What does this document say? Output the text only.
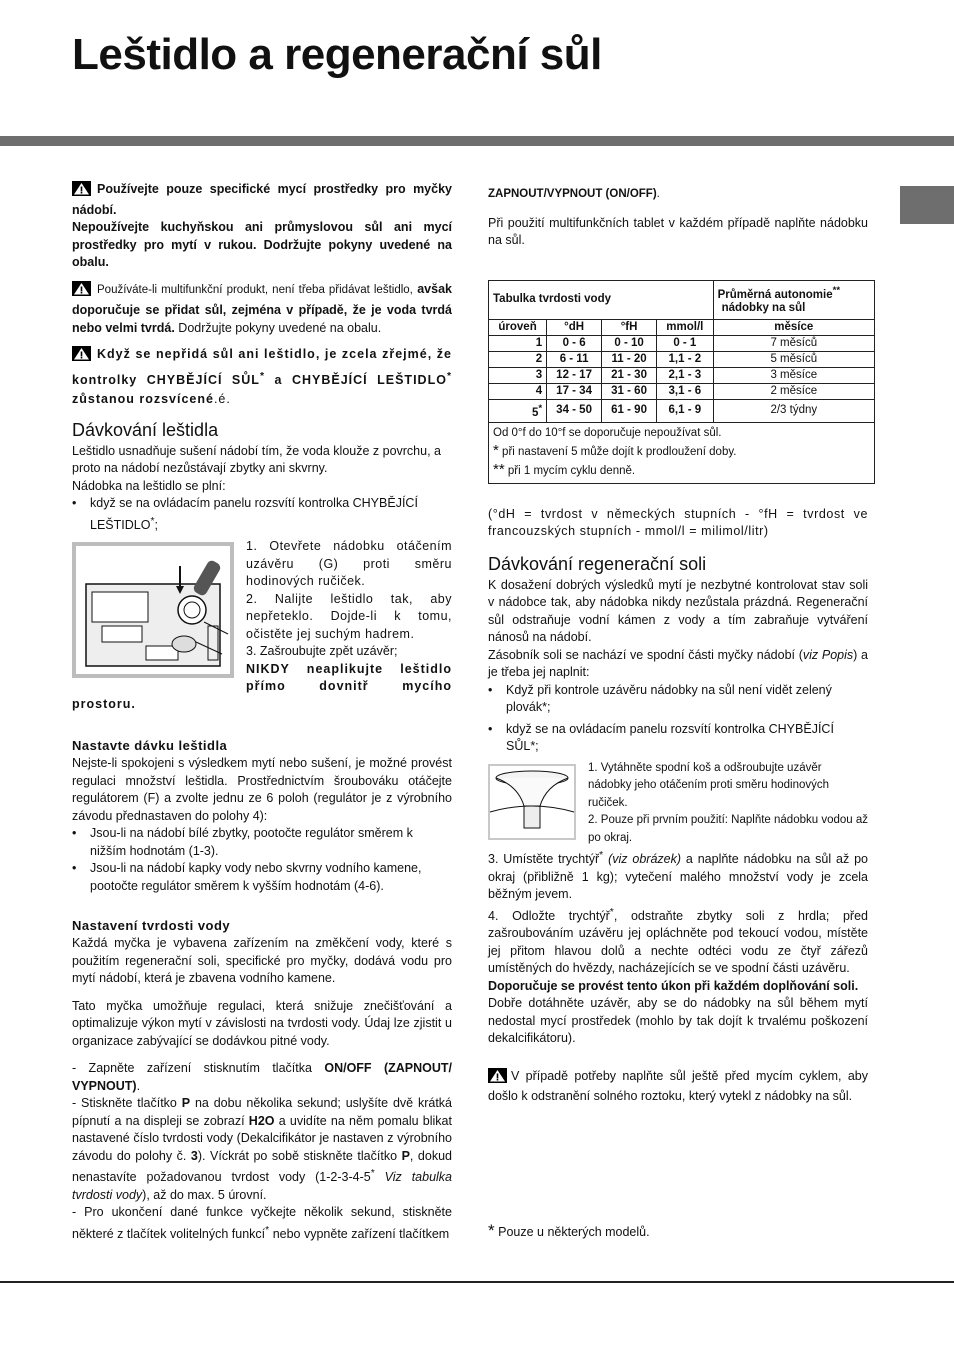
Leštidlo a regenerační sůl

Používejte pouze specifické mycí prostředky pro myčky nádobí.
Nepoužívejte kuchyňskou ani průmyslovou sůl ani mycí prostředky pro mytí v rukou. Dodržujte pokyny uvedené na obalu.

Používáte-li multifunkční produkt, není třeba přidávat leštidlo, avšak doporučuje se přidat sůl, zejména v případě, že je voda tvrdá nebo velmi tvrdá. Dodržujte pokyny uvedené na obalu.

Když se nepřidá sůl ani leštidlo, je zcela zřejmé, že kontrolky CHYBĚJÍCÍ SŮL* a CHYBĚJÍCÍ LEŠTIDLO* zůstanou rozsvícené.é.

Dávkování leštidla

Leštidlo usnadňuje sušení nádobí tím, že voda klouže z povrchu, a proto na nádobí nezůstávají zbytky ani skvrny.

Nádobka na leštidlo se plní:

• když se na ovládacím panelu rozsvítí kontrolka CHYBĚJÍCÍ LEŠTIDLO*;

1. Otevřete nádobku otáčením uzávěru (G) proti směru hodinových ručiček.

2. Nalijte leštidlo tak, aby nepřeteklo. Dojde-li k tomu, očistěte jej suchým hadrem.

3. Zašroubujte zpět uzávěr;

NIKDY neaplikujte leštidlo přímo dovnitř mycího prostoru.

Nastavte dávku leštidla

Nejste-li spokojeni s výsledkem mytí nebo sušení, je možné provést regulaci množství leštidla. Prostřednictvím šroubováku otáčejte regulátorem (F) a zvolte jednu ze 6 poloh (regulátor je z výrobního závodu přednastaven do polohy 4):

• Jsou-li na nádobí bílé zbytky, pootočte regulátor směrem k nižším hodnotám (1-3).
• Jsou-li na nádobí kapky vody nebo skvrny vodního kamene, pootočte regulátor směrem k vyšším hodnotám (4-6).
Nastavení tvrdosti vody

Každá myčka je vybavena zařízením na změkčení vody, které s použitím regenerační soli, specifické pro myčky, dodává vodu pro mytí nádobí, která je zbavena vodního kamene.

Tato myčka umožňuje regulaci, která snižuje znečišťování a optimalizuje výkon mytí v závislosti na tvrdosti vody. Údaj lze zjistit u organizace zabývající se dodávkou pitné vody.

- Zapněte zařízení stisknutím tlačítka ON/OFF (ZAPNOUT/ VYPNOUT).

- Stiskněte tlačítko P na dobu několika sekund; uslyšíte dvě krátká pípnutí a na displeji se zobrazí H2O a uvidíte na něm pomalu blikat nastavené číslo tvrdosti vody (Dekalcifikátor je nastaven z výrobního závodu do polohy č. 3). Víckrát po sobě stiskněte tlačítko P, dokud nenastavíte požadovanou tvrdost vody (1-2-3-4-5* Viz tabulka tvrdosti vody), až do max. 5 úrovní.

- Pro ukončení dané funkce vyčkejte několik sekund, stiskněte některé z tlačítek volitelných funkcí* nebo vypněte zařízení tlačítkem

ZAPNOUT/VYPNOUT (ON/OFF).

Při použití multifunkčních tablet v každém případě naplňte nádobku na sůl.

Tabulka tvrdosti vody				Průměrná autonomie**
nádobky na sůl
úroveň	°dH	°fH	mmol/l	měsíce
1	0 - 6	0 - 10	0 - 1	7 měsíců
2	6 - 11	11 - 20	1,1 - 2	5 měsíců
3	12 - 17	21 - 30	2,1 - 3	3 měsíce
4	17 - 34	31 - 60	3,1 - 6	2 měsíce
5*	34 - 50	61 - 90	6,1 - 9	2/3 týdny
Od 0°f do 10°f se doporučuje nepoužívat sůl.
* při nastavení 5 může dojít k prodloužení doby.
** při 1 mycím cyklu denně.				

(°dH = tvrdost v německých stupních - °fH = tvrdost ve francouzských stupních - mmol/l = milimol/litr)

Dávkování regenerační soli

K dosažení dobrých výsledků mytí je nezbytné kontrolovat stav soli v nádobce tak, aby nádobka nikdy nezůstala prázdná. Regenerační sůl odstraňuje vodní kámen z vody a tím zabraňuje vytváření nánosů na nádobí.

Zásobník soli se nachází ve spodní části myčky nádobí (viz Popis) a je třeba jej naplnit:

• Když při kontrole uzávěru nádobky na sůl není vidět zelený plovák*;
• když se na ovládacím panelu rozsvítí kontrolka CHYBĚJÍCÍ SŮL*;

1. Vytáhněte spodní koš a odšroubujte uzávěr nádobky jeho otáčením proti směru hodinových ručiček.

2. Pouze při prvním použití: Naplňte nádobku vodou až po okraj.

3. Umístěte trychtýř* (viz obrázek) a naplňte nádobku na sůl až po okraj (přibližně 1 kg); vytečení malého množství vody je zcela běžným jevem.

4. Odložte trychtýř*, odstraňte zbytky soli z hrdla; před zašroubováním uzávěru jej opláchněte pod tekoucí vodou, místěte jej přitom hlavou dolů a nechte odtéci vodu ze čtyř zářezů umístěných do hvězdy, nacházejících se ve spodní části uzávěru.

Doporučuje se provést tento úkon při každém doplňování soli.

Dobře dotáhněte uzávěr, aby se do nádobky na sůl během mytí nedostal mycí prostředek (mohlo by tak dojít k trvalému poškození dekalcifikátoru).

V případě potřeby naplňte sůl ještě před mycím cyklem, aby došlo k odstranění solného roztoku, který vytekl z nádobky na sůl.

* Pouze u některých modelů.
